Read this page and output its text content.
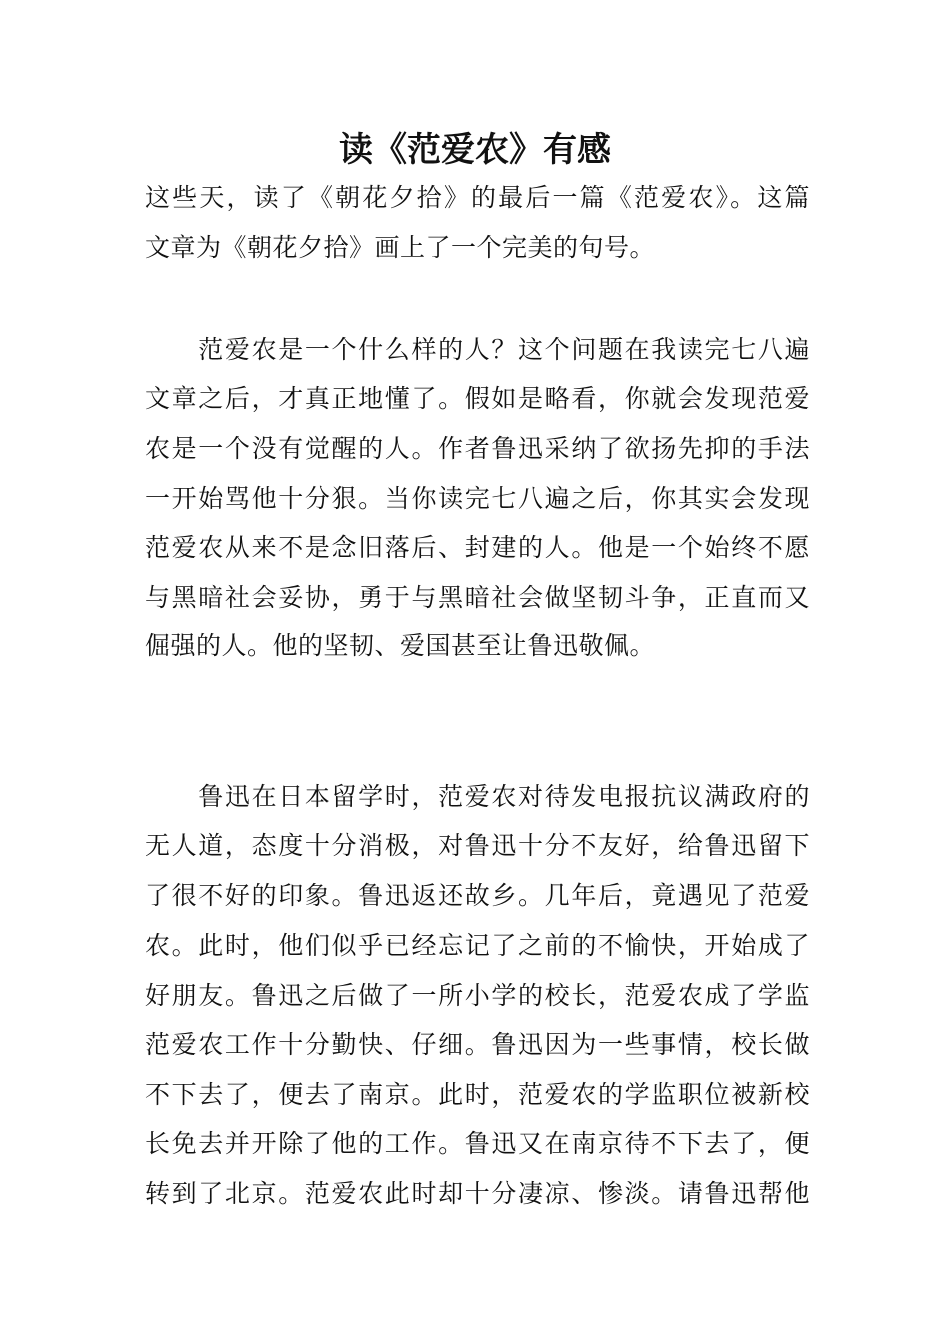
读《范爱农》有感
这些天，读了《朝花夕拾》的最后一篇《范爱农》。这篇
文章为《朝花夕拾》画上了一个完美的句号。
　　范爱农是一个什么样的人？这个问题在我读完七八遍
文章之后，才真正地懂了。假如是略看，你就会发现范爱
农是一个没有觉醒的人。作者鲁迅采纳了欲扬先抑的手法
一开始骂他十分狠。当你读完七八遍之后，你其实会发现
范爱农从来不是念旧落后、封建的人。他是一个始终不愿
与黑暗社会妥协，勇于与黑暗社会做坚韧斗争，正直而又
倔强的人。他的坚韧、爱国甚至让鲁迅敬佩。
　　鲁迅在日本留学时，范爱农对待发电报抗议满政府的
无人道，态度十分消极，对鲁迅十分不友好，给鲁迅留下
了很不好的印象。鲁迅返还故乡。几年后，竟遇见了范爱
农。此时，他们似乎已经忘记了之前的不愉快，开始成了
好朋友。鲁迅之后做了一所小学的校长，范爱农成了学监
范爱农工作十分勤快、仔细。鲁迅因为一些事情，校长做
不下去了，便去了南京。此时，范爱农的学监职位被新校
长免去并开除了他的工作。鲁迅又在南京待不下去了，便
转到了北京。范爱农此时却十分凄凉、惨淡。请鲁迅帮他
